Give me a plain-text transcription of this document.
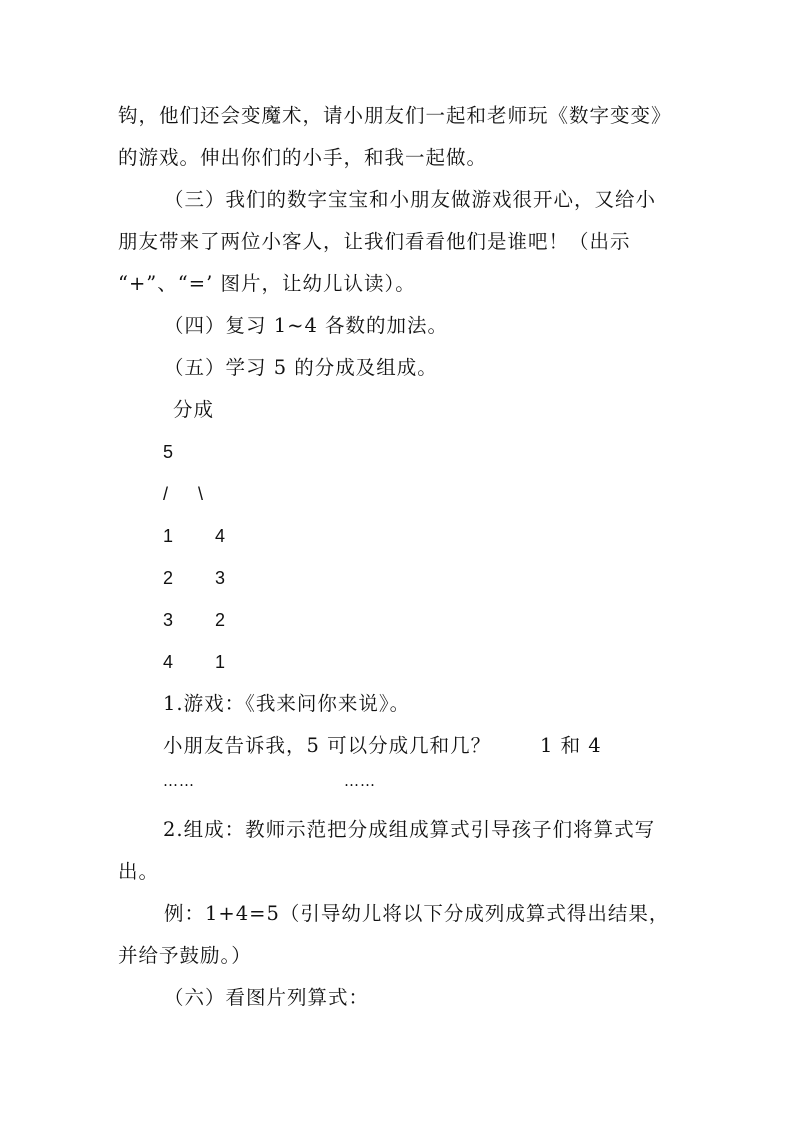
钩，他们还会变魔术，请小朋友们一起和老师玩《数字变变》
的游戏。伸出你们的小手，和我一起做。
（三）我们的数字宝宝和小朋友做游戏很开心，又给小
朋友带来了两位小客人，让我们看看他们是谁吧！（出示
“+”、“=’ 图片，让幼儿认读）。
（四）复习 1~4 各数的加法。
（五）学习 5 的分成及组成。
分成
5
/ \
1 4
2 3
3 2
4 1
1.游戏：《我来问你来说》。
小朋友告诉我，5 可以分成几和几？	1 和 4
……	……
2.组成：教师示范把分成组成算式引导孩子们将算式写
出。
例：1+4=5（引导幼儿将以下分成列成算式得出结果，
并给予鼓励。）
（六）看图片列算式：
